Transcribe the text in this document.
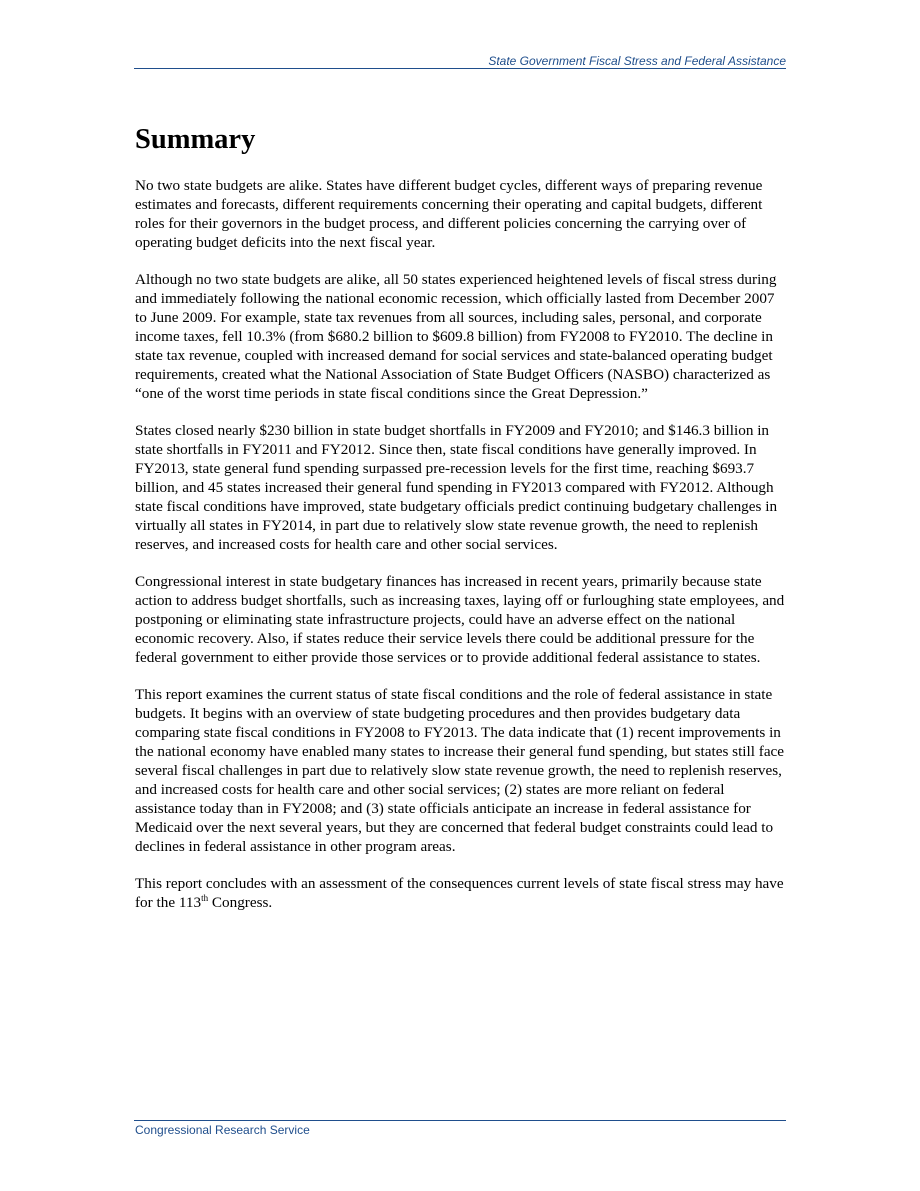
State Government Fiscal Stress and Federal Assistance
Summary

No two state budgets are alike. States have different budget cycles, different ways of preparing revenue estimates and forecasts, different requirements concerning their operating and capital budgets, different roles for their governors in the budget process, and different policies concerning the carrying over of operating budget deficits into the next fiscal year.

Although no two state budgets are alike, all 50 states experienced heightened levels of fiscal stress during and immediately following the national economic recession, which officially lasted from December 2007 to June 2009. For example, state tax revenues from all sources, including sales, personal, and corporate income taxes, fell 10.3% (from $680.2 billion to $609.8 billion) from FY2008 to FY2010. The decline in state tax revenue, coupled with increased demand for social services and state-balanced operating budget requirements, created what the National Association of State Budget Officers (NASBO) characterized as “one of the worst time periods in state fiscal conditions since the Great Depression.”

States closed nearly $230 billion in state budget shortfalls in FY2009 and FY2010; and $146.3 billion in state shortfalls in FY2011 and FY2012. Since then, state fiscal conditions have generally improved. In FY2013, state general fund spending surpassed pre-recession levels for the first time, reaching $693.7 billion, and 45 states increased their general fund spending in FY2013 compared with FY2012. Although state fiscal conditions have improved, state budgetary officials predict continuing budgetary challenges in virtually all states in FY2014, in part due to relatively slow state revenue growth, the need to replenish reserves, and increased costs for health care and other social services.

Congressional interest in state budgetary finances has increased in recent years, primarily because state action to address budget shortfalls, such as increasing taxes, laying off or furloughing state employees, and postponing or eliminating state infrastructure projects, could have an adverse effect on the national economic recovery. Also, if states reduce their service levels there could be additional pressure for the federal government to either provide those services or to provide additional federal assistance to states.

This report examines the current status of state fiscal conditions and the role of federal assistance in state budgets. It begins with an overview of state budgeting procedures and then provides budgetary data comparing state fiscal conditions in FY2008 to FY2013. The data indicate that (1) recent improvements in the national economy have enabled many states to increase their general fund spending, but states still face several fiscal challenges in part due to relatively slow state revenue growth, the need to replenish reserves, and increased costs for health care and other social services; (2) states are more reliant on federal assistance today than in FY2008; and (3) state officials anticipate an increase in federal assistance for Medicaid over the next several years, but they are concerned that federal budget constraints could lead to declines in federal assistance in other program areas.

This report concludes with an assessment of the consequences current levels of state fiscal stress may have for the 113th Congress.

Congressional Research Service
